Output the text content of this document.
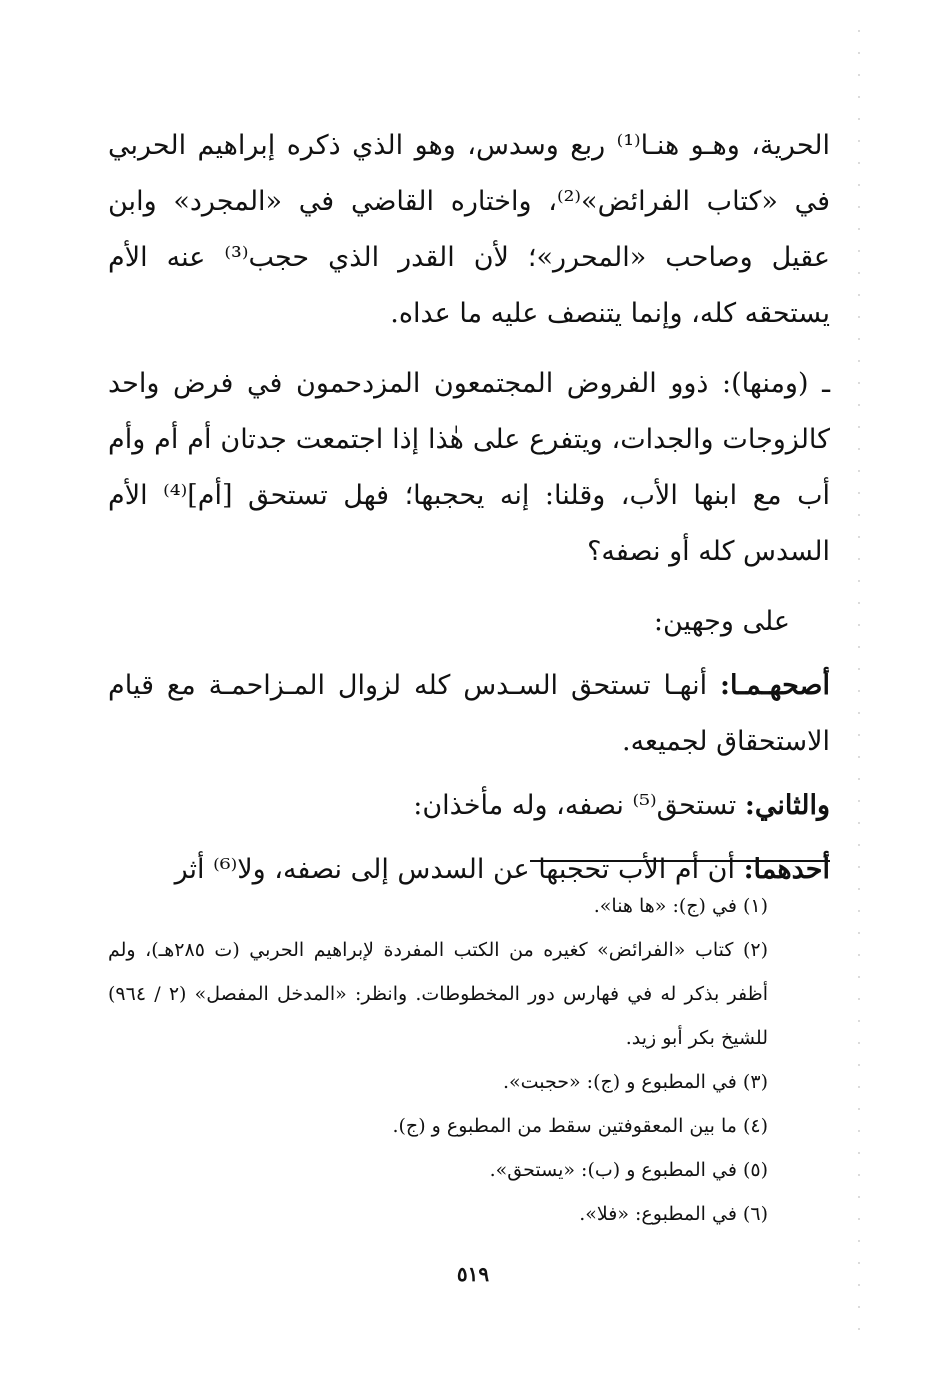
الحرية، وهـو هنـا⁽¹⁾ ربع وسدس، وهو الذي ذكره إبراهيم الحربي في «كتاب الفرائض»⁽²⁾، واختاره القاضي في «المجرد» وابن عقيل وصاحب «المحرر»؛ لأن القدر الذي حجب⁽³⁾ عنه الأم يستحقه كله، وإنما يتنصف عليه ما عداه.

ـ (ومنها): ذوو الفروض المجتمعون المزدحمون في فرض واحد كالزوجات والجدات، ويتفرع على هٰذا إذا اجتمعت جدتان أم أم وأم أب مع ابنها الأب، وقلنا: إنه يحجبها؛ فهل تستحق [أم]⁽⁴⁾ الأم السدس كله أو نصفه؟

على وجهين:

أصحهـمـا: أنهـا تستحق السـدس كله لزوال المـزاحمـة مع قيام الاستحقاق لجميعه.

والثاني: تستحق⁽⁵⁾ نصفه، وله مأخذان:

أحدهما: أن أم الأب تحجبها عن السدس إلى نصفه، ولا⁽⁶⁾ أثر

(١) في (ج): «ها هنا».

(٢) كتاب «الفرائض» كغيره من الكتب المفردة لإبراهيم الحربي (ت ٢٨٥هـ)، ولم أظفر بذكر له في فهارس دور المخطوطات. وانظر: «المدخل المفصل» (٢ / ٩٦٤) للشيخ بكر أبو زيد.

(٣) في المطبوع و (ج): «حجبت».

(٤) ما بين المعقوفتين سقط من المطبوع و (ج).

(٥) في المطبوع و (ب): «يستحق».

(٦) في المطبوع: «فلا».

٥١٩
